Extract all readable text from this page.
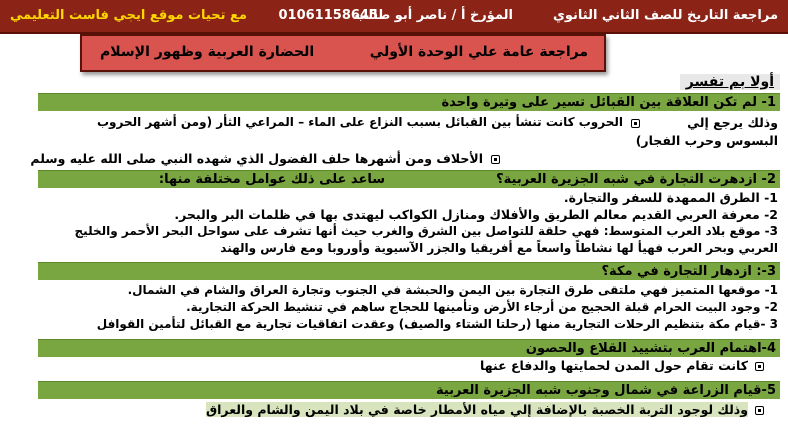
مراجعة التاريخ للصف الثاني الثانوي
المؤرخ أ / ناصر أبو طالب
01061158645
مع تحيات موقع ايجي فاست التعليمي
مراجعة عامة علي الوحدة الأولي
الحضارة العربية وظهور الإسلام
أولا بم تفسر
1- لم تكن العلاقة بين القبائل تسير على وتيرة واحدة
وذلك يرجع إلي
الحروب كانت تنشأ بين القبائل بسبب النزاع على الماء – المراعي الثأر (ومن أشهر الحروب
البسوس وحرب الفجار)
الأحلاف ومن أشهرها حلف الفضول الذي شهده النبي صلى الله عليه وسلم
2- ازدهرت التجارة في شبه الجزيرة العربية؟
ساعد على ذلك عوامل مختلفة منها:
1- الطرق الممهدة للسفر والتجارة.
2- معرفة العربي القديم معالم الطريق والأفلاك ومنازل الكواكب ليهتدى بها في ظلمات البر والبحر.
3- موقع بلاد العرب المتوسط: فهي حلقة للتواصل بين الشرق والغرب حيث أنها تشرف على سواحل البحر الأحمر والخليج
العربي وبحر العرب فهيأ لها نشاطاً واسعاً مع أفريقيا والجزر الآسيوية وأوروبا ومع فارس والهند
3-: ازدهار التجارة في مكة؟
1- موقعها المتميز فهي ملتقى طرق التجارة بين اليمن والحبشة في الجنوب وتجارة العراق والشام في الشمال.
2- وجود البيت الحرام قبلة الحجيج من أرجاء الأرض وتأمينها للحجاج ساهم في تنشيط الحركة التجارية.
3 -قيام مكة بتنظيم الرحلات التجارية منها (رحلتا الشتاء والصيف) وعقدت اتفاقيات تجارية مع القبائل لتأمين القوافل
4-اهتمام العرب بتشييد القلاع والحصون
كانت تقام حول المدن لحمايتها والدفاع عنها
5-قيام الزراعة في شمال وجنوب شبه الجزيرة العربية
وذلك لوجود التربة الخصبة بالإضافة إلي مياه الأمطار خاصة في بلاد اليمن والشام والعراق
